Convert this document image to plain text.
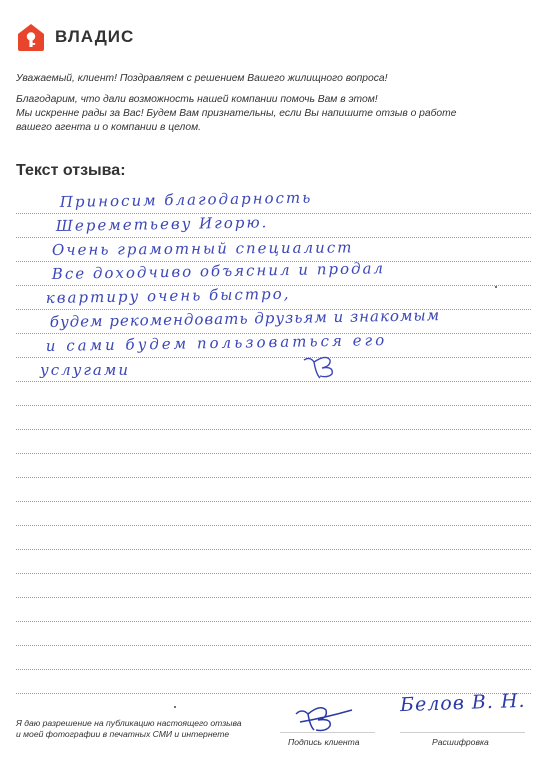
ВЛАДИС
Уважаемый, клиент! Поздравляем с решением Вашего жилищного вопроса!
Благодарим, что дали возможность нашей компании помочь Вам в этом!
Мы искренне рады за Вас! Будем Вам признательны, если Вы напишите отзыв о работе
вашего агента и о компании в целом.
Текст отзыва:
Приносим благодарность
Шереметьеву Игорю.
Очень грамотный специалист
Все доходчиво объяснил и продал
квартиру очень быстро,
будем рекомендовать друзьям и знакомым
и сами будем пользоваться его
услугами
Я даю разрешение на публикацию настоящего отзыва
и моей фотографии в печатных СМИ и интернете
Подпись клиента
Белов В. Н.
Расшифровка
